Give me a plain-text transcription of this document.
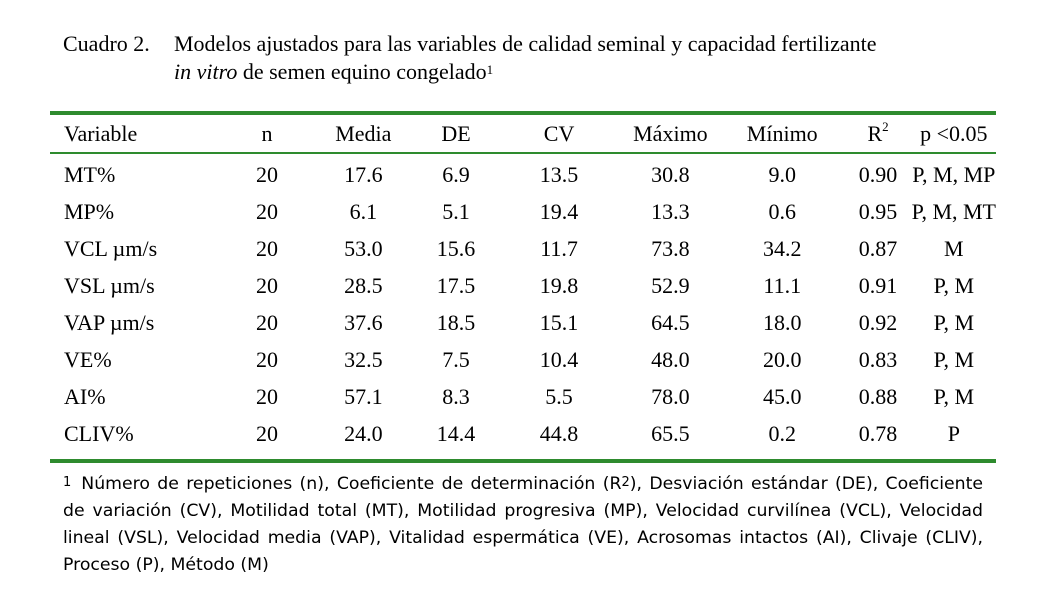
Cuadro 2. Modelos ajustados para las variables de calidad seminal y capacidad fertilizante
in vitro de semen equino congelado$^1$
Variable	n	Media	DE	CV	Máximo	Mínimo	$R^2$	p <0.05
MT%	20	17.6	6.9	13.5	30.8	9.0	0.90	P, M, MP
MP%	20	6.1	5.1	19.4	13.3	0.6	0.95	P, M, MT
VCL µm/s	20	53.0	15.6	11.7	73.8	34.2	0.87	M
VSL µm/s	20	28.5	17.5	19.8	52.9	11.1	0.91	P, M
VAP µm/s	20	37.6	18.5	15.1	64.5	18.0	0.92	P, M
VE%	20	32.5	7.5	10.4	48.0	20.0	0.83	P, M
AI%	20	57.1	8.3	5.5	78.0	45.0	0.88	P, M
CLIV%	20	24.0	14.4	44.8	65.5	0.2	0.78	P
$^1$ Número de repeticiones (n), Coeficiente de determinación $(R^2)$, Desviación estándar (DE), Coeficiente de variación (CV), Motilidad total (MT), Motilidad progresiva (MP), Velocidad curvilínea (VCL), Velocidad lineal (VSL), Velocidad media (VAP), Vitalidad espermática (VE), Acrosomas intactos (AI), Clivaje (CLIV), Proceso (P), Método (M)
